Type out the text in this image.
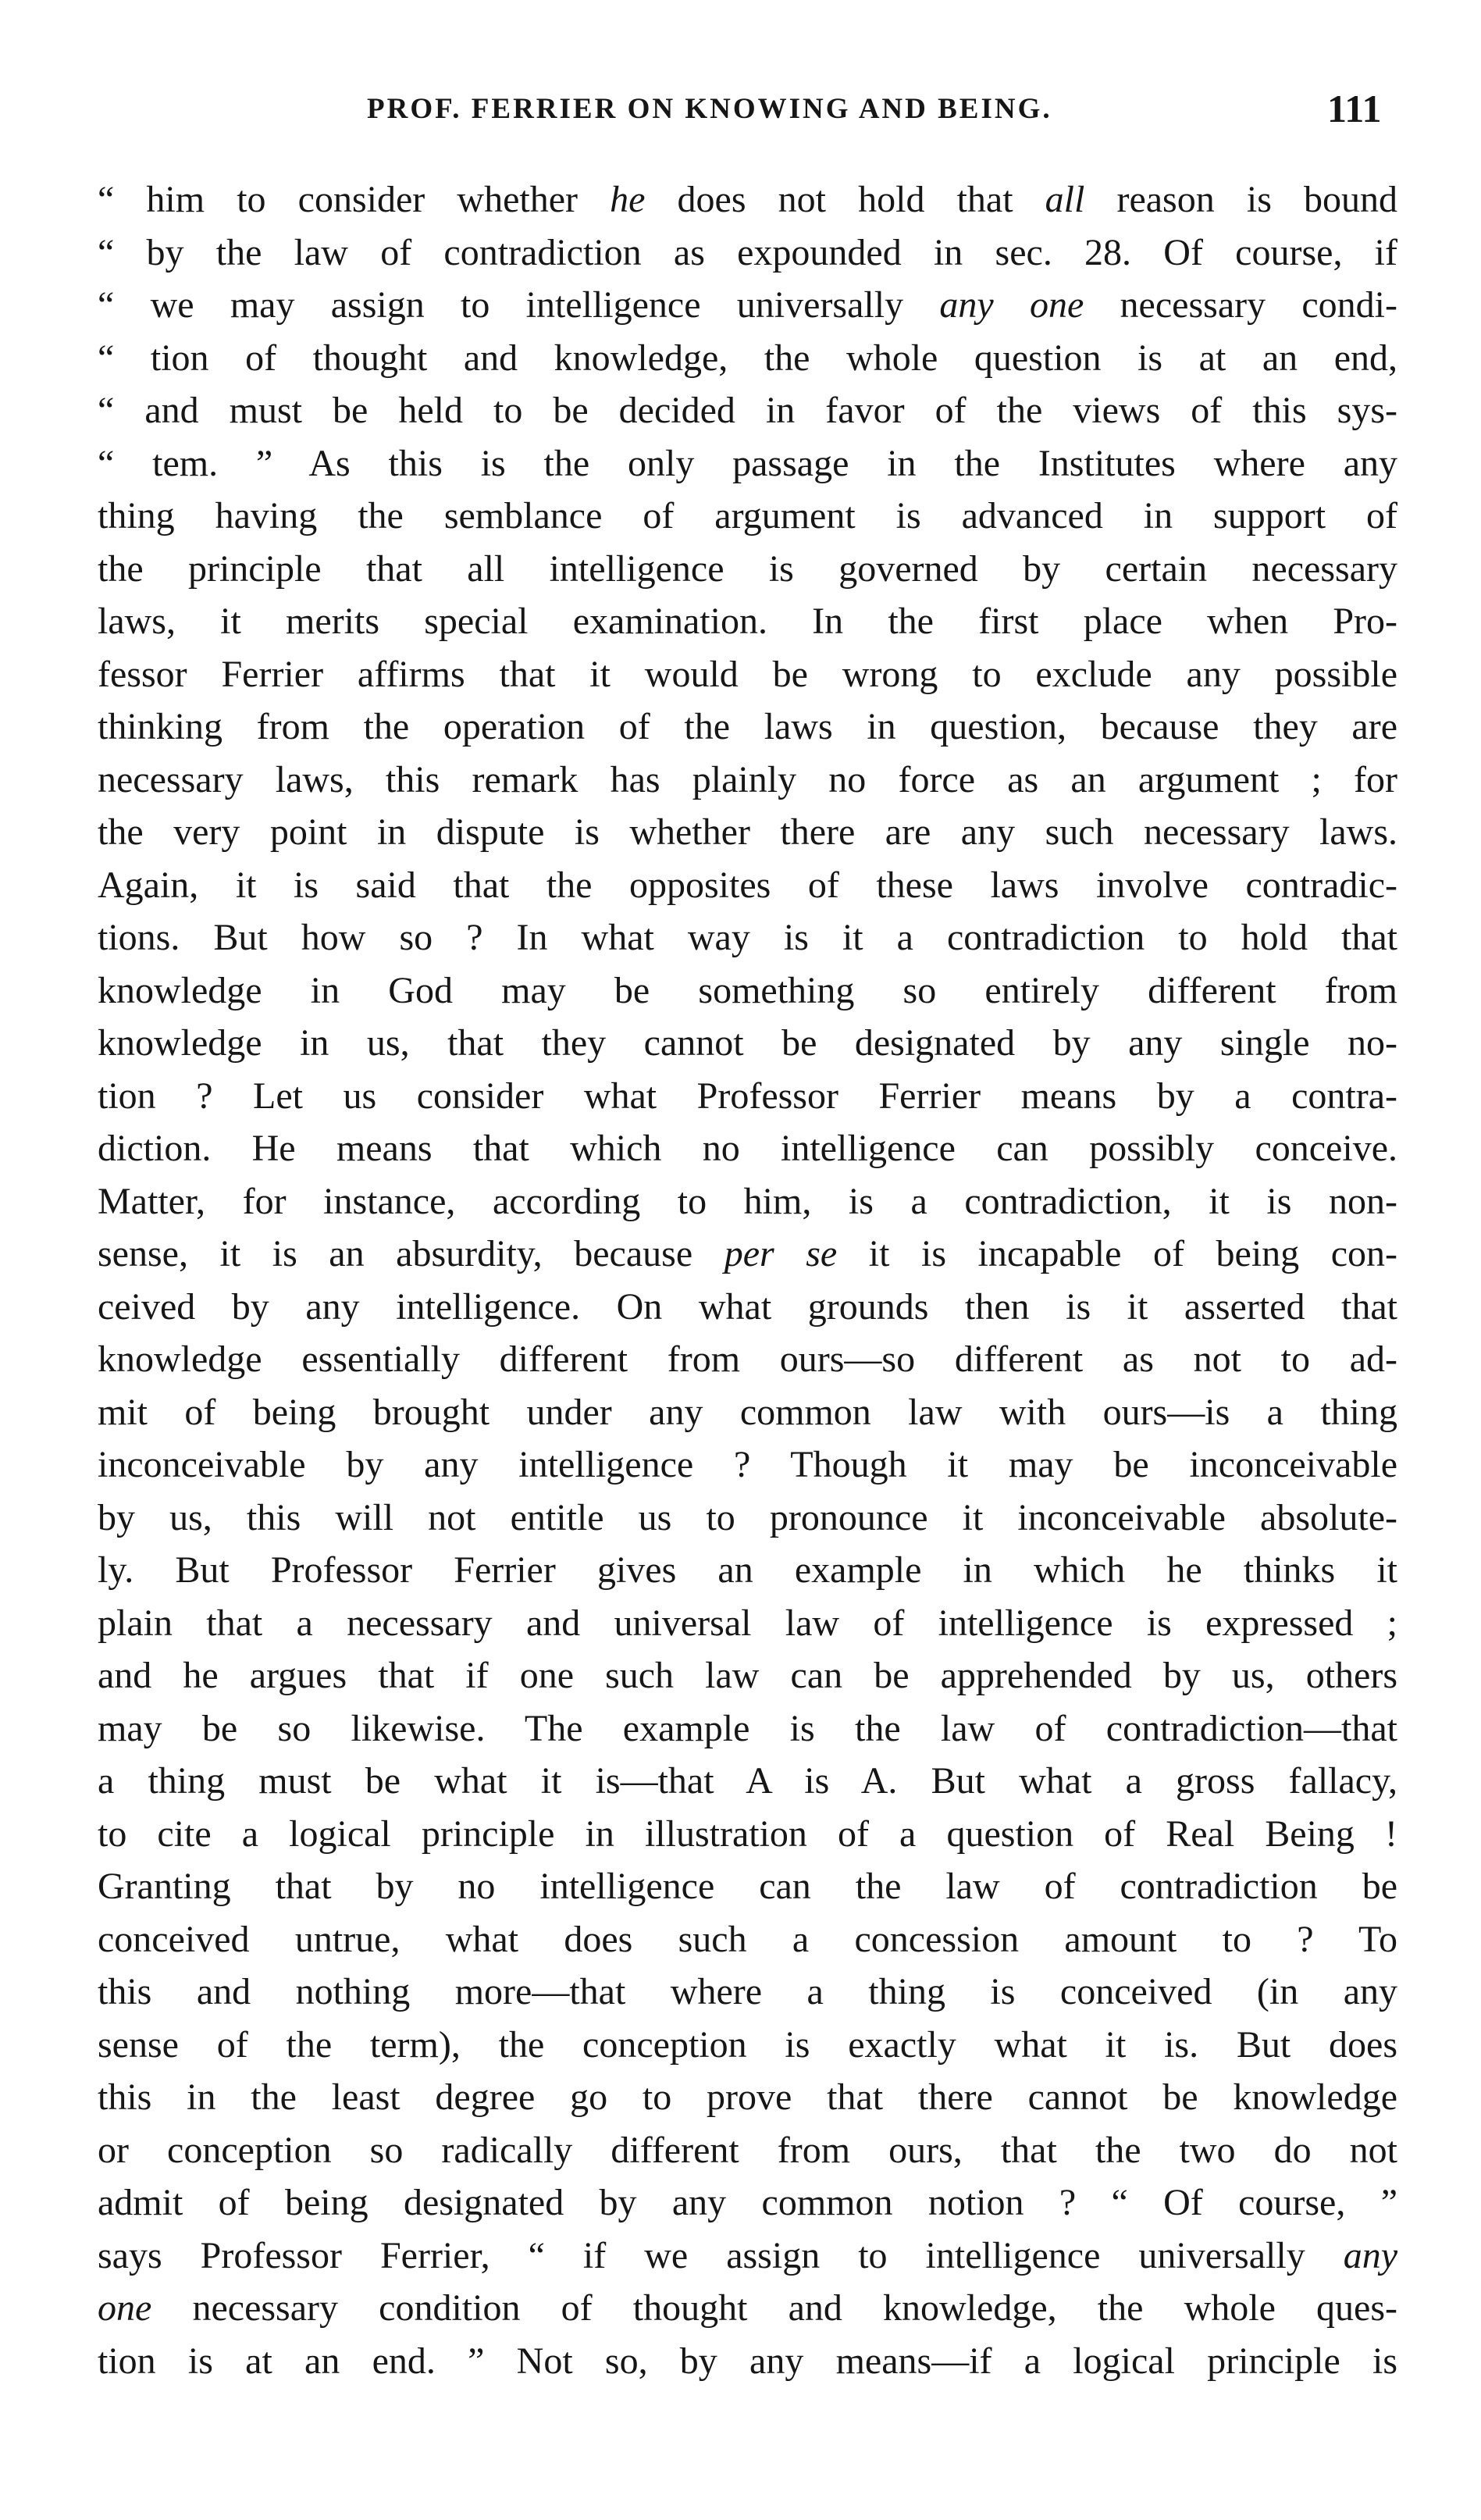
PROF. FERRIER ON KNOWING AND BEING.	111
“ him to consider whether he does not hold that all reason is bound
“ by the law of contradiction as expounded in sec. 28. Of course, if
“ we may assign to intelligence universally any one necessary condi-
“ tion of thought and knowledge, the whole question is at an end,
“ and must be held to be decided in favor of the views of this sys-
“ tem. ” As this is the only passage in the Institutes where any
thing having the semblance of argument is advanced in support of
the principle that all intelligence is governed by certain necessary
laws, it merits special examination. In the first place when Pro-
fessor Ferrier affirms that it would be wrong to exclude any possible
thinking from the operation of the laws in question, because they are
necessary laws, this remark has plainly no force as an argument ; for
the very point in dispute is whether there are any such necessary laws.
Again, it is said that the opposites of these laws involve contradic-
tions. But how so ? In what way is it a contradiction to hold that
knowledge in God may be something so entirely different from
knowledge in us, that they cannot be designated by any single no-
tion ? Let us consider what Professor Ferrier means by a contra-
diction. He means that which no intelligence can possibly conceive.
Matter, for instance, according to him, is a contradiction, it is non-
sense, it is an absurdity, because per se it is incapable of being con-
ceived by any intelligence. On what grounds then is it asserted that
knowledge essentially different from ours—so different as not to ad-
mit of being brought under any common law with ours—is a thing
inconceivable by any intelligence ? Though it may be inconceivable
by us, this will not entitle us to pronounce it inconceivable absolute-
ly. But Professor Ferrier gives an example in which he thinks it
plain that a necessary and universal law of intelligence is expressed ;
and he argues that if one such law can be apprehended by us, others
may be so likewise. The example is the law of contradiction—that
a thing must be what it is—that A is A. But what a gross fallacy,
to cite a logical principle in illustration of a question of Real Being !
Granting that by no intelligence can the law of contradiction be
conceived untrue, what does such a concession amount to ? To
this and nothing more—that where a thing is conceived (in any
sense of the term), the conception is exactly what it is. But does
this in the least degree go to prove that there cannot be knowledge
or conception so radically different from ours, that the two do not
admit of being designated by any common notion ? “ Of course, ”
says Professor Ferrier, “ if we assign to intelligence universally any
one necessary condition of thought and knowledge, the whole ques-
tion is at an end. ” Not so, by any means—if a logical principle is
